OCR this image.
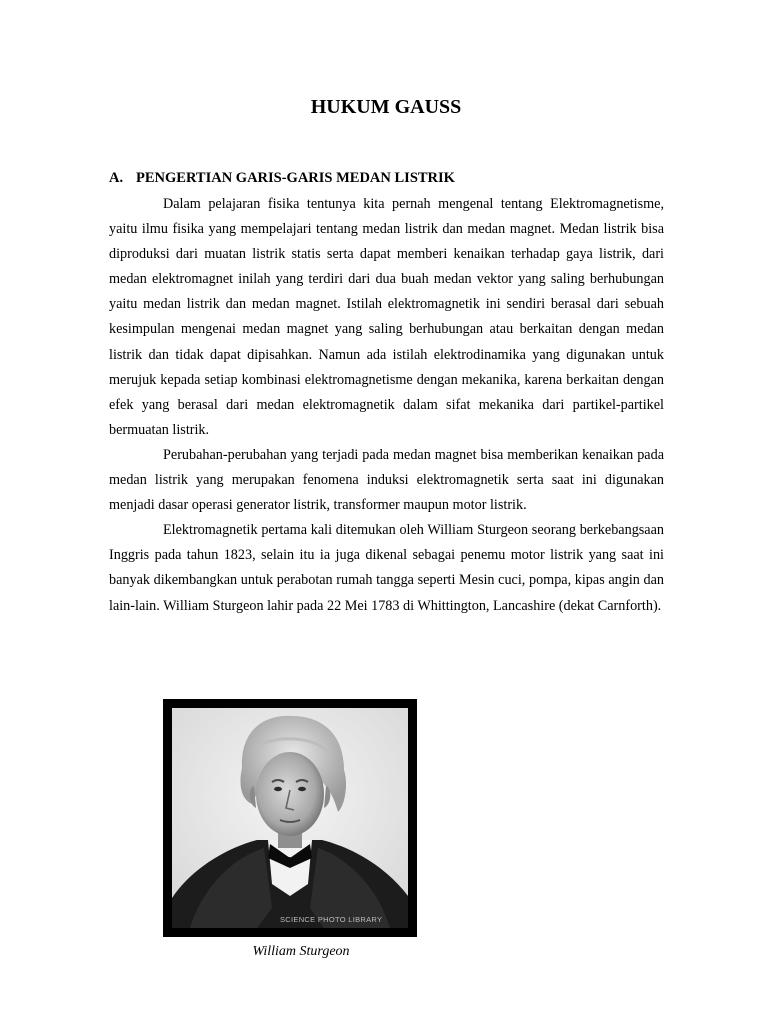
HUKUM GAUSS
A. PENGERTIAN GARIS-GARIS MEDAN LISTRIK

Dalam pelajaran fisika tentunya kita pernah mengenal tentang Elektromagnetisme, yaitu ilmu fisika yang mempelajari tentang medan listrik dan medan magnet. Medan listrik bisa diproduksi dari muatan listrik statis serta dapat memberi kenaikan terhadap gaya listrik, dari medan elektromagnet inilah yang terdiri dari dua buah medan vektor yang saling berhubungan yaitu medan listrik dan medan magnet. Istilah elektromagnetik ini sendiri berasal dari sebuah kesimpulan mengenai medan magnet yang saling berhubungan atau berkaitan dengan medan listrik dan tidak dapat dipisahkan. Namun ada istilah elektrodinamika yang digunakan untuk merujuk kepada setiap kombinasi elektromagnetisme dengan mekanika, karena berkaitan dengan efek yang berasal dari medan elektromagnetik dalam sifat mekanika dari partikel-partikel bermuatan listrik.

Perubahan-perubahan yang terjadi pada medan magnet bisa memberikan kenaikan pada medan listrik yang merupakan fenomena induksi elektromagnetik serta saat ini digunakan menjadi dasar operasi generator listrik, transformer maupun motor listrik.

Elektromagnetik pertama kali ditemukan oleh William Sturgeon seorang berkebangsaan Inggris pada tahun 1823, selain itu ia juga dikenal sebagai penemu motor listrik yang saat ini banyak dikembangkan untuk perabotan rumah tangga seperti Mesin cuci, pompa, kipas angin dan lain-lain. William Sturgeon lahir pada 22 Mei 1783 di Whittington, Lancashire (dekat Carnforth).

SCIENCE PHOTO LIBRARY

William Sturgeon
